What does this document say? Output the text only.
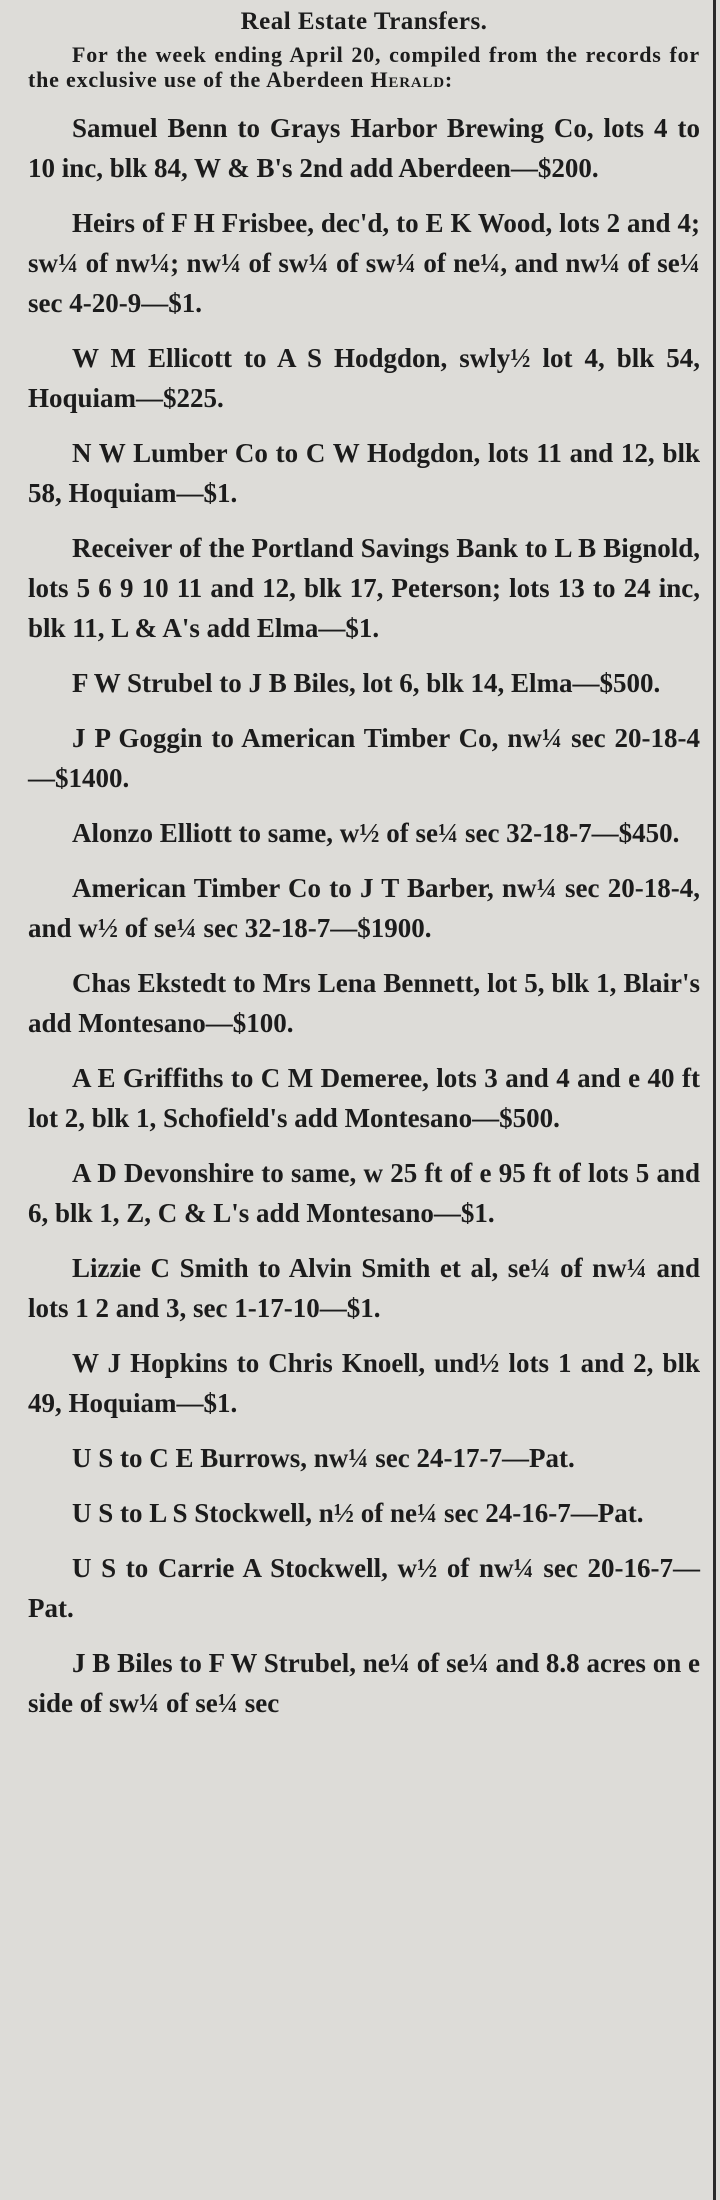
Real Estate Transfers.

For the week ending April 20, compiled from the records for the exclusive use of the Aberdeen Herald:

Samuel Benn to Grays Harbor Brewing Co, lots 4 to 10 inc, blk 84, W & B's 2nd add Aberdeen—$200.

Heirs of F H Frisbee, dec'd, to E K Wood, lots 2 and 4; sw¼ of nw¼; nw¼ of sw¼ of sw¼ of ne¼, and nw¼ of se¼ sec 4-20-9—$1.

W M Ellicott to A S Hodgdon, swly½ lot 4, blk 54, Hoquiam—$225.

N W Lumber Co to C W Hodgdon, lots 11 and 12, blk 58, Hoquiam—$1.

Receiver of the Portland Savings Bank to L B Bignold, lots 5 6 9 10 11 and 12, blk 17, Peterson; lots 13 to 24 inc, blk 11, L & A's add Elma—$1.

F W Strubel to J B Biles, lot 6, blk 14, Elma—$500.

J P Goggin to American Timber Co, nw¼ sec 20-18-4—$1400.

Alonzo Elliott to same, w½ of se¼ sec 32-18-7—$450.

American Timber Co to J T Barber, nw¼ sec 20-18-4, and w½ of se¼ sec 32-18-7—$1900.

Chas Ekstedt to Mrs Lena Bennett, lot 5, blk 1, Blair's add Montesano—$100.

A E Griffiths to C M Demeree, lots 3 and 4 and e 40 ft lot 2, blk 1, Schofield's add Montesano—$500.

A D Devonshire to same, w 25 ft of e 95 ft of lots 5 and 6, blk 1, Z, C & L's add Montesano—$1.

Lizzie C Smith to Alvin Smith et al, se¼ of nw¼ and lots 1 2 and 3, sec 1-17-10—$1.

W J Hopkins to Chris Knoell, und½ lots 1 and 2, blk 49, Hoquiam—$1.

U S to C E Burrows, nw¼ sec 24-17-7—Pat.

U S to L S Stockwell, n½ of ne¼ sec 24-16-7—Pat.

U S to Carrie A Stockwell, w½ of nw¼ sec 20-16-7—Pat.

J B Biles to F W Strubel, ne¼ of se¼ and 8.8 acres on e side of sw¼ of se¼ sec
